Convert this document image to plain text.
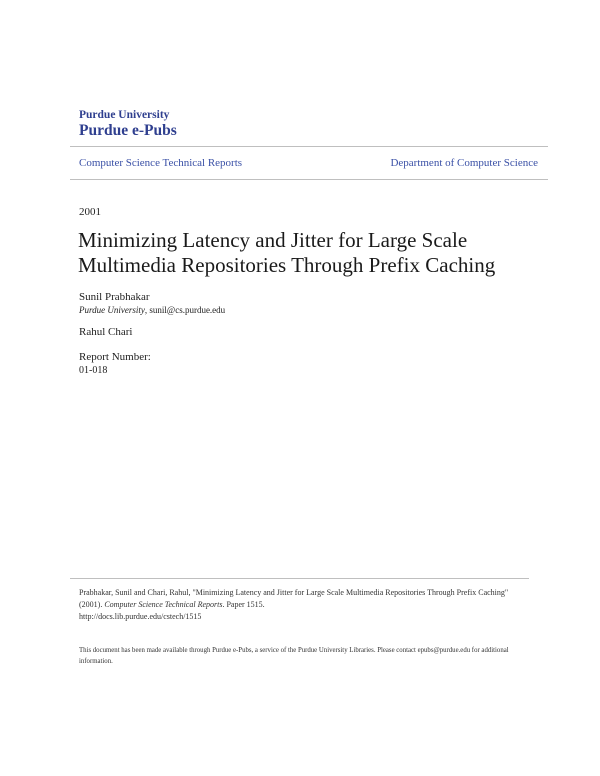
Purdue University
Purdue e-Pubs
Computer Science Technical Reports	Department of Computer Science
2001
Minimizing Latency and Jitter for Large Scale Multimedia Repositories Through Prefix Caching
Sunil Prabhakar
Purdue University, sunil@cs.purdue.edu
Rahul Chari
Report Number:
01-018
Prabhakar, Sunil and Chari, Rahul, "Minimizing Latency and Jitter for Large Scale Multimedia Repositories Through Prefix Caching" (2001). Computer Science Technical Reports. Paper 1515.
http://docs.lib.purdue.edu/cstech/1515
This document has been made available through Purdue e-Pubs, a service of the Purdue University Libraries. Please contact epubs@purdue.edu for additional information.
